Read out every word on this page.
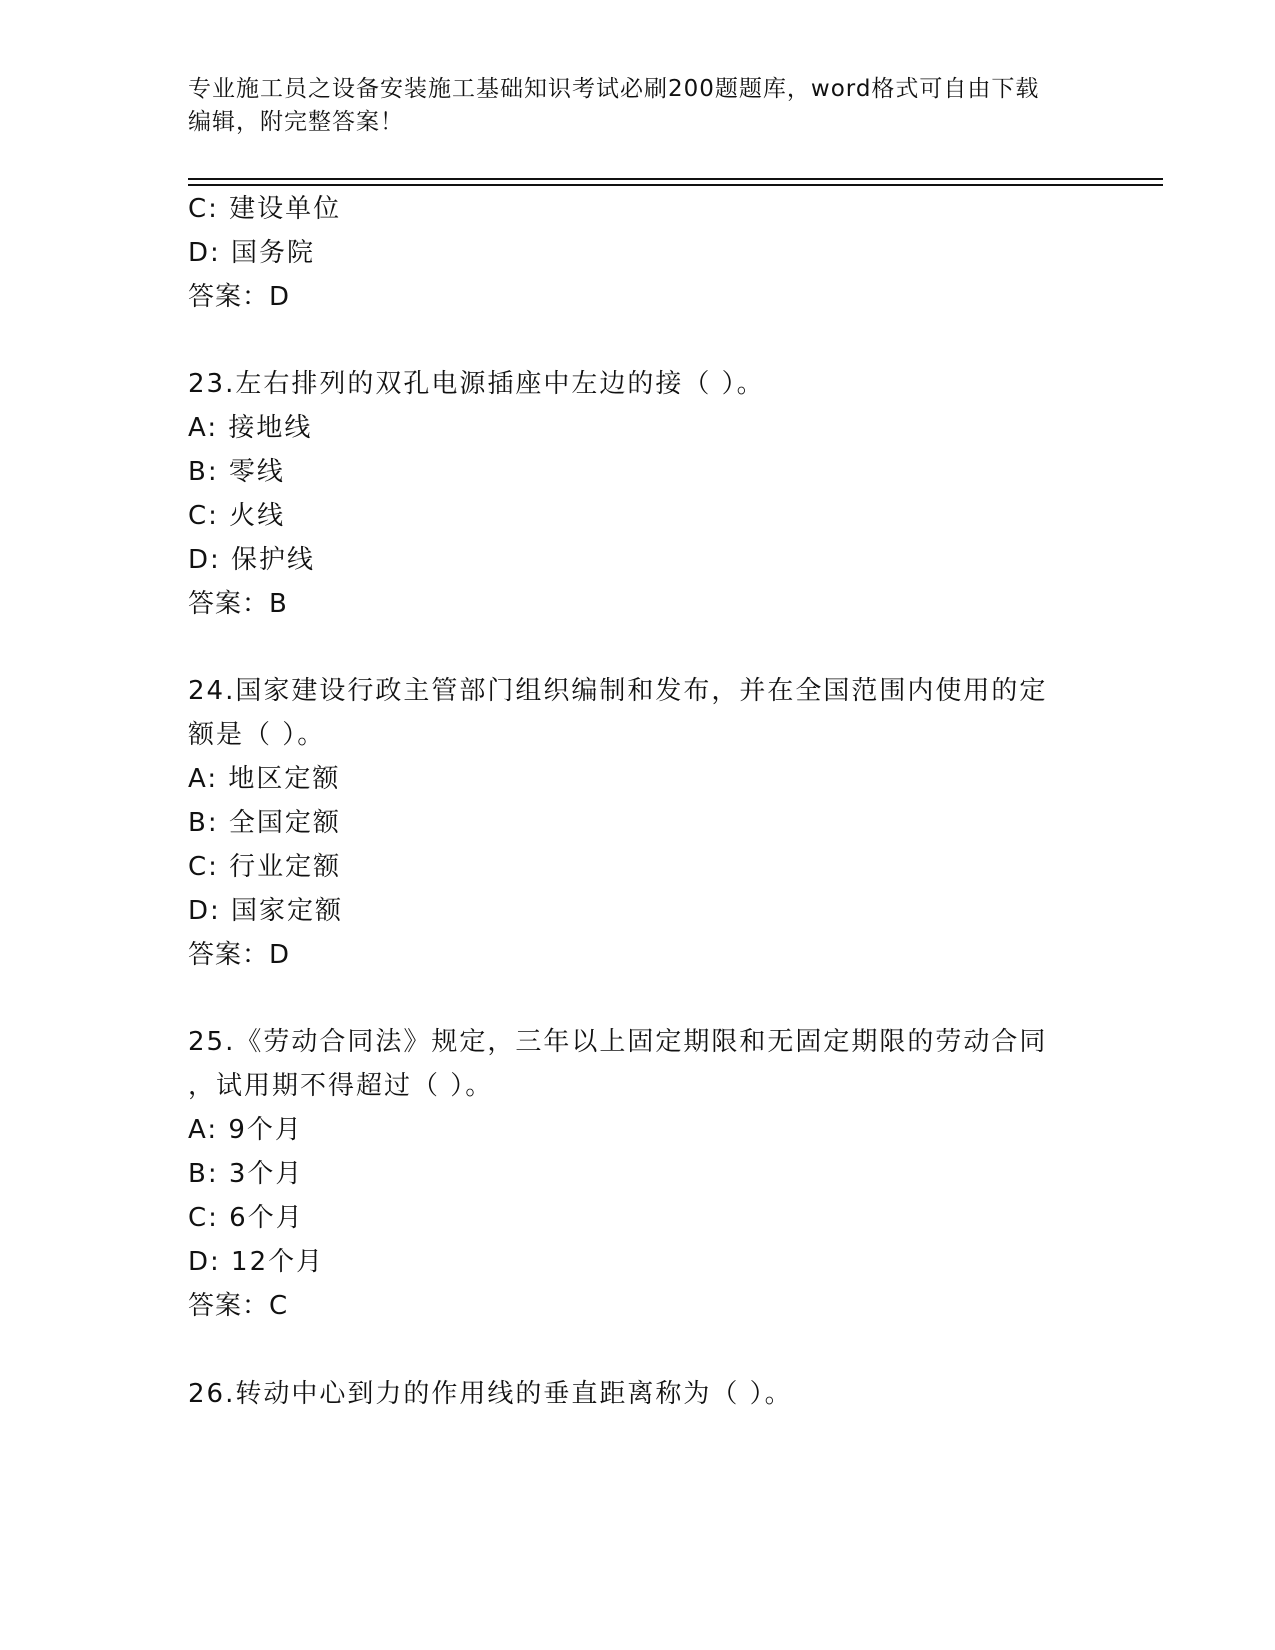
专业施工员之设备安装施工基础知识考试必刷200题题库，word格式可自由下载
编辑，附完整答案！
C: 建设单位
D: 国务院
答案：D
23.左右排列的双孔电源插座中左边的接（ ）。
A: 接地线
B: 零线
C: 火线
D: 保护线
答案：B
24.国家建设行政主管部门组织编制和发布，并在全国范围内使用的定
额是（ ）。
A: 地区定额
B: 全国定额
C: 行业定额
D: 国家定额
答案：D
25.《劳动合同法》规定，三年以上固定期限和无固定期限的劳动合同
，试用期不得超过（ ）。
A: 9个月
B: 3个月
C: 6个月
D: 12个月
答案：C
26.转动中心到力的作用线的垂直距离称为（ ）。
